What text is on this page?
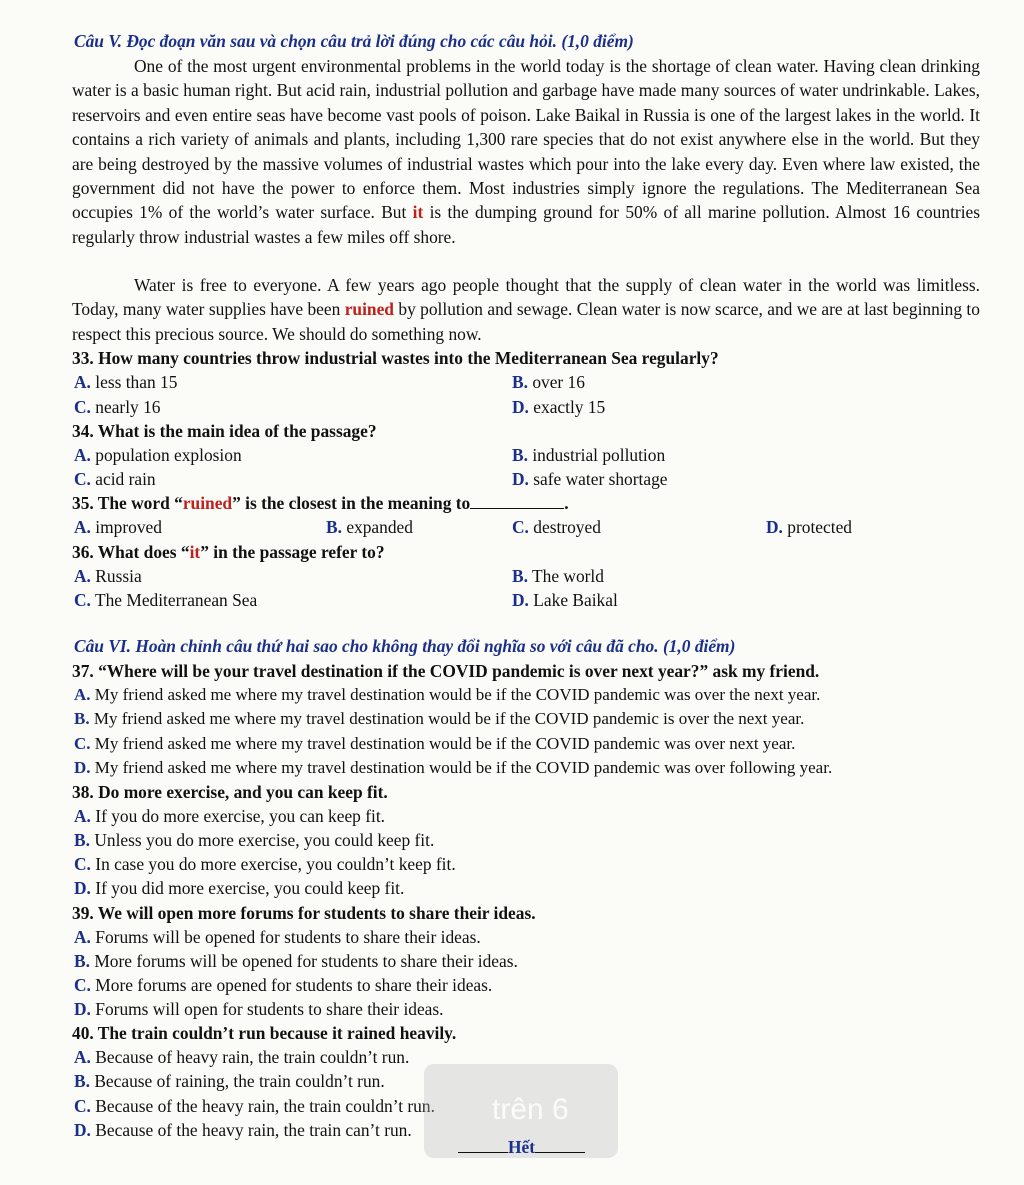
Câu V. Đọc đoạn văn sau và chọn câu trả lời đúng cho các câu hỏi. (1,0 điểm)
One of the most urgent environmental problems in the world today is the shortage of clean water. Having clean drinking water is a basic human right. But acid rain, industrial pollution and garbage have made many sources of water undrinkable. Lakes, reservoirs and even entire seas have become vast pools of poison. Lake Baikal in Russia is one of the largest lakes in the world. It contains a rich variety of animals and plants, including 1,300 rare species that do not exist anywhere else in the world. But they are being destroyed by the massive volumes of industrial wastes which pour into the lake every day. Even where law existed, the government did not have the power to enforce them. Most industries simply ignore the regulations. The Mediterranean Sea occupies 1% of the world’s water surface. But it is the dumping ground for 50% of all marine pollution. Almost 16 countries regularly throw industrial wastes a few miles off shore.
Water is free to everyone. A few years ago people thought that the supply of clean water in the world was limitless. Today, many water supplies have been ruined by pollution and sewage. Clean water is now scarce, and we are at last beginning to respect this precious source. We should do something now.
33. How many countries throw industrial wastes into the Mediterranean Sea regularly?
A. less than 15	B. over 16
C. nearly 16	D. exactly 15
34. What is the main idea of the passage?
A. population explosion	B. industrial pollution
C. acid rain	D. safe water shortage
35. The word “ruined” is the closest in the meaning to	.
A. improved	B. expanded	C. destroyed	D. protected
36. What does “it” in the passage refer to?
A. Russia	B. The world
C. The Mediterranean Sea	D. Lake Baikal
Câu VI. Hoàn chỉnh câu thứ hai sao cho không thay đổi nghĩa so với câu đã cho. (1,0 điểm)
37. “Where will be your travel destination if the COVID pandemic is over next year?” ask my friend.
A. My friend asked me where my travel destination would be if the COVID pandemic was over the next year.
B. My friend asked me where my travel destination would be if the COVID pandemic is over the next year.
C. My friend asked me where my travel destination would be if the COVID pandemic was over next year.
D. My friend asked me where my travel destination would be if the COVID pandemic was over following year.
38. Do more exercise, and you can keep fit.
A. If you do more exercise, you can keep fit.
B. Unless you do more exercise, you could keep fit.
C. In case you do more exercise, you couldn’t keep fit.
D. If you did more exercise, you could keep fit.
39. We will open more forums for students to share their ideas.
A. Forums will be opened for students to share their ideas.
B. More forums will be opened for students to share their ideas.
C. More forums are opened for students to share their ideas.
D. Forums will open for students to share their ideas.
40. The train couldn’t run because it rained heavily.
A. Because of heavy rain, the train couldn’t run.
B. Because of raining, the train couldn’t run.
C. Because of the heavy rain, the train couldn’t run.
D. Because of the heavy rain, the train can’t run.
trên 6
Hết
